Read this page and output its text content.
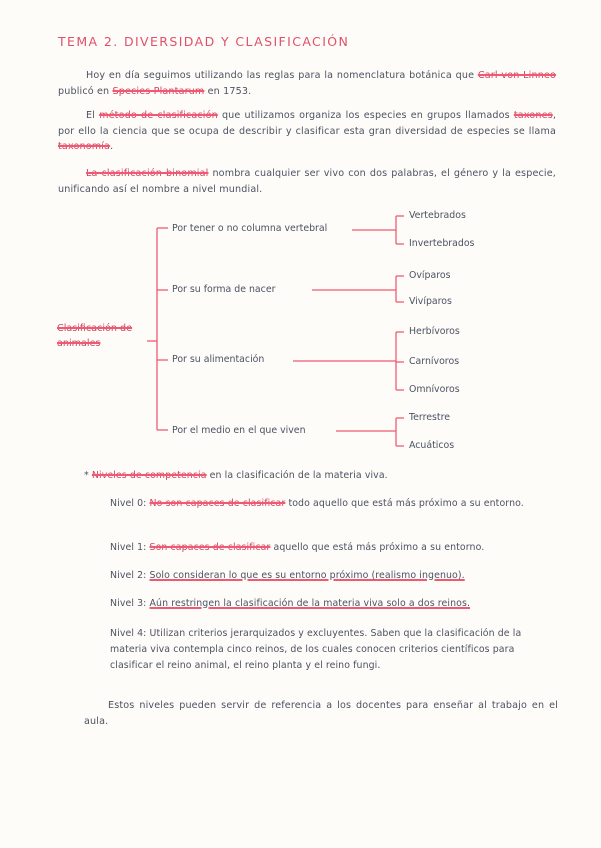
TEMA 2. DIVERSIDAD Y CLASIFICACIÓN
Hoy en día seguimos utilizando las reglas para la nomenclatura botánica que Carl von Linneo publicó en Species Plantarum en 1753.
El método de clasificación que utilizamos organiza los especies en grupos llamados taxones, por ello la ciencia que se ocupa de describir y clasificar esta gran diversidad de especies se llama taxonomía.
La clasificación binomial nombra cualquier ser vivo con dos palabras, el género y la especie, unificando así el nombre a nivel mundial.
Clasificación de animales
Por tener o no columna vertebral
Por su forma de nacer
Por su alimentación
Por el medio en el que viven
Vertebrados
Invertebrados
Ovíparos
Vivíparos
Herbívoros
Carnívoros
Omnívoros
Terrestre
Acuáticos
* Niveles de competencia en la clasificación de la materia viva.
Nivel 0: No son capaces de clasificar todo aquello que está más próximo a su entorno.
Nivel 1: Son capaces de clasificar aquello que está más próximo a su entorno.
Nivel 2: Solo consideran lo que es su entorno próximo (realismo ingenuo).
Nivel 3: Aún restringen la clasificación de la materia viva solo a dos reinos.
Nivel 4: Utilizan criterios jerarquizados y excluyentes. Saben que la clasificación de la materia viva contempla cinco reinos, de los cuales conocen criterios científicos para clasificar el reino animal, el reino planta y el reino fungi.
Estos niveles pueden servir de referencia a los docentes para enseñar al trabajo en el aula.
